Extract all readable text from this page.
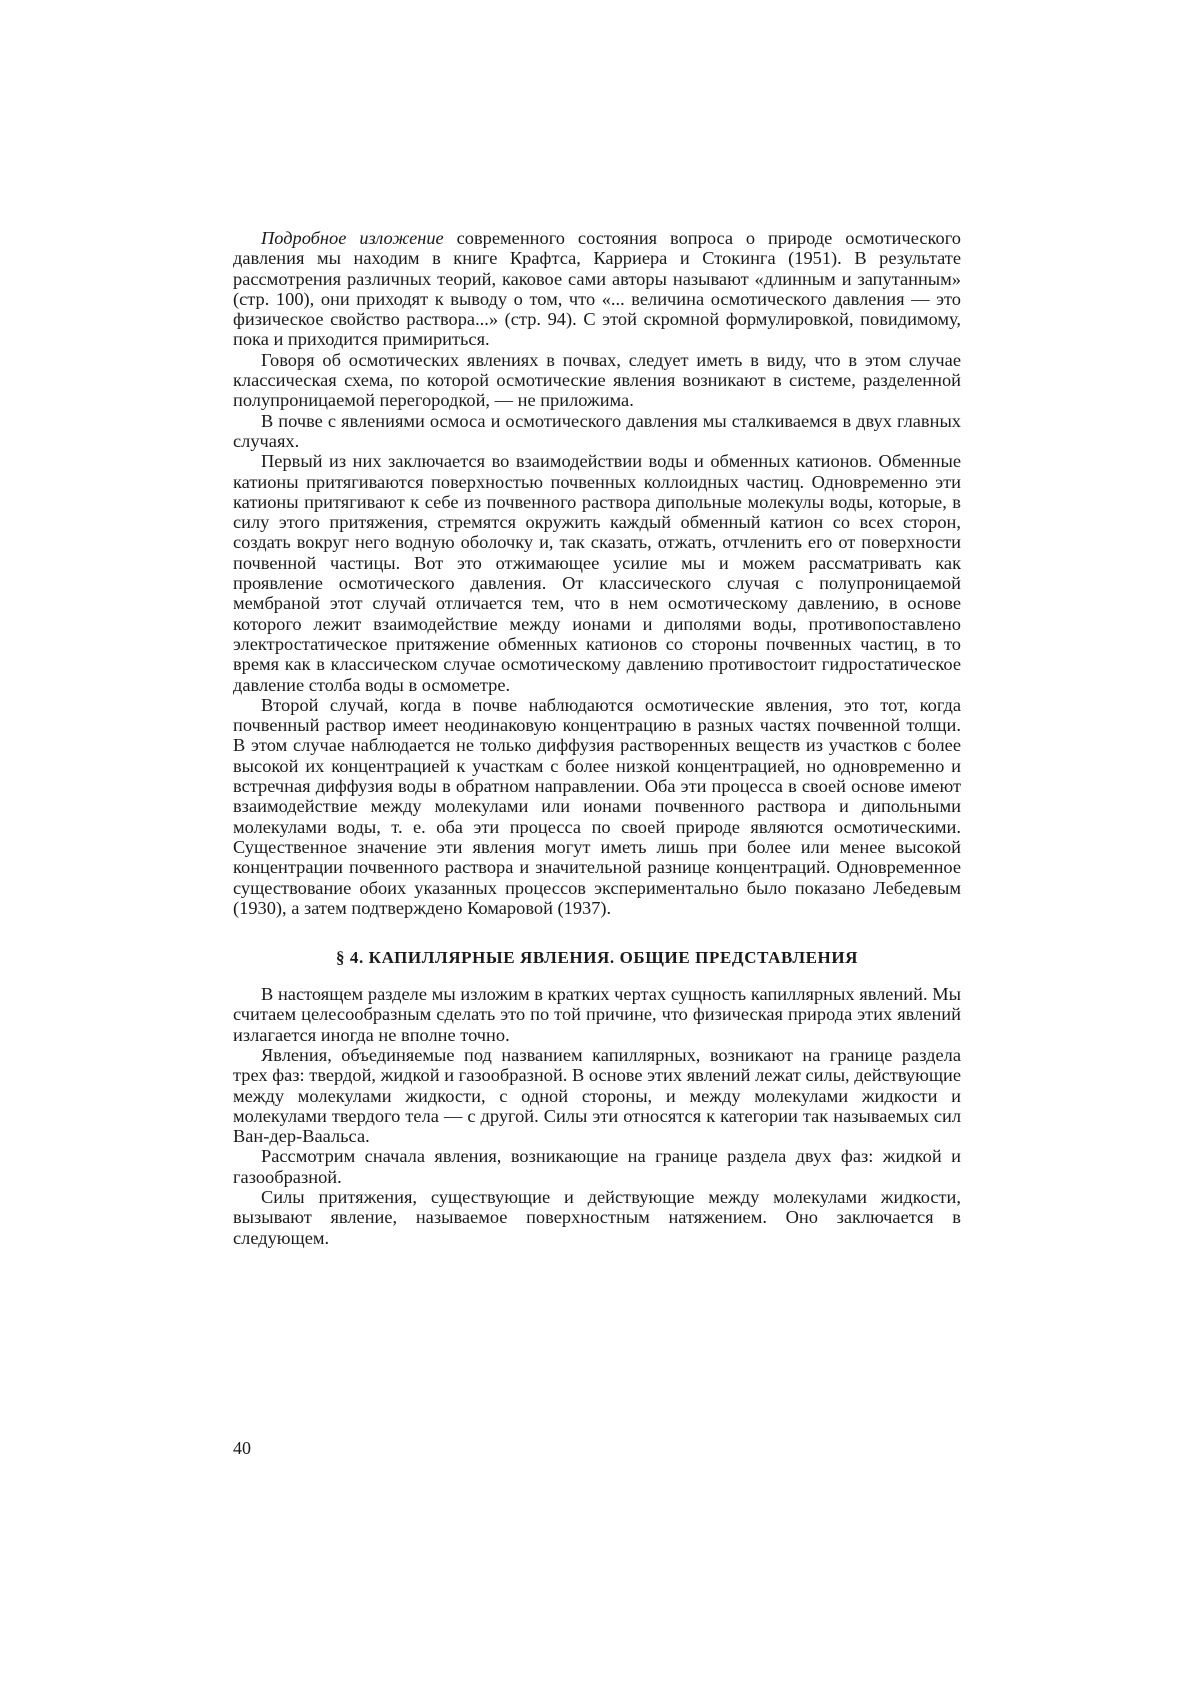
Подробное изложение современного состояния вопроса о природе осмотического давления мы находим в книге Крафтса, Карриера и Стокинга (1951). В результате рассмотрения различных теорий, каковое сами авторы называют «длинным и запутанным» (стр. 100), они приходят к выводу о том, что «... величина осмотического давления — это физическое свойство раствора...» (стр. 94). С этой скромной формулировкой, повидимому, пока и приходится примириться.

Говоря об осмотических явлениях в почвах, следует иметь в виду, что в этом случае классическая схема, по которой осмотические явления возникают в системе, разделенной полупроницаемой перегородкой, — не приложима.

В почве с явлениями осмоса и осмотического давления мы сталкиваемся в двух главных случаях.

Первый из них заключается во взаимодействии воды и обменных катионов. Обменные катионы притягиваются поверхностью почвенных коллоидных частиц. Одновременно эти катионы притягивают к себе из почвенного раствора дипольные молекулы воды, которые, в силу этого притяжения, стремятся окружить каждый обменный катион со всех сторон, создать вокруг него водную оболочку и, так сказать, отжать, отчленить его от поверхности почвенной частицы. Вот это отжимающее усилие мы и можем рассматривать как проявление осмотического давления. От классического случая с полупроницаемой мембраной этот случай отличается тем, что в нем осмотическому давлению, в основе которого лежит взаимодействие между ионами и диполями воды, противопоставлено электростатическое притяжение обменных катионов со стороны почвенных частиц, в то время как в классическом случае осмотическому давлению противостоит гидростатическое давление столба воды в осмометре.

Второй случай, когда в почве наблюдаются осмотические явления, это тот, когда почвенный раствор имеет неодинаковую концентрацию в разных частях почвенной толщи. В этом случае наблюдается не только диффузия растворенных веществ из участков с более высокой их концентрацией к участкам с более низкой концентрацией, но одновременно и встречная диффузия воды в обратном направлении. Оба эти процесса в своей основе имеют взаимодействие между молекулами или ионами почвенного раствора и дипольными молекулами воды, т. е. оба эти процесса по своей природе являются осмотическими. Существенное значение эти явления могут иметь лишь при более или менее высокой концентрации почвенного раствора и значительной разнице концентраций. Одновременное существование обоих указанных процессов экспериментально было показано Лебедевым (1930), а затем подтверждено Комаровой (1937).

§ 4. КАПИЛЛЯРНЫЕ ЯВЛЕНИЯ. ОБЩИЕ ПРЕДСТАВЛЕНИЯ

В настоящем разделе мы изложим в кратких чертах сущность капиллярных явлений. Мы считаем целесообразным сделать это по той причине, что физическая природа этих явлений излагается иногда не вполне точно.

Явления, объединяемые под названием капиллярных, возникают на границе раздела трех фаз: твердой, жидкой и газообразной. В основе этих явлений лежат силы, действующие между молекулами жидкости, с одной стороны, и между молекулами жидкости и молекулами твердого тела — с другой. Силы эти относятся к категории так называемых сил Ван-дер-Ваальса.

Рассмотрим сначала явления, возникающие на границе раздела двух фаз: жидкой и газообразной.

Силы притяжения, существующие и действующие между молекулами жидкости, вызывают явление, называемое поверхностным натяжением. Оно заключается в следующем.

40
